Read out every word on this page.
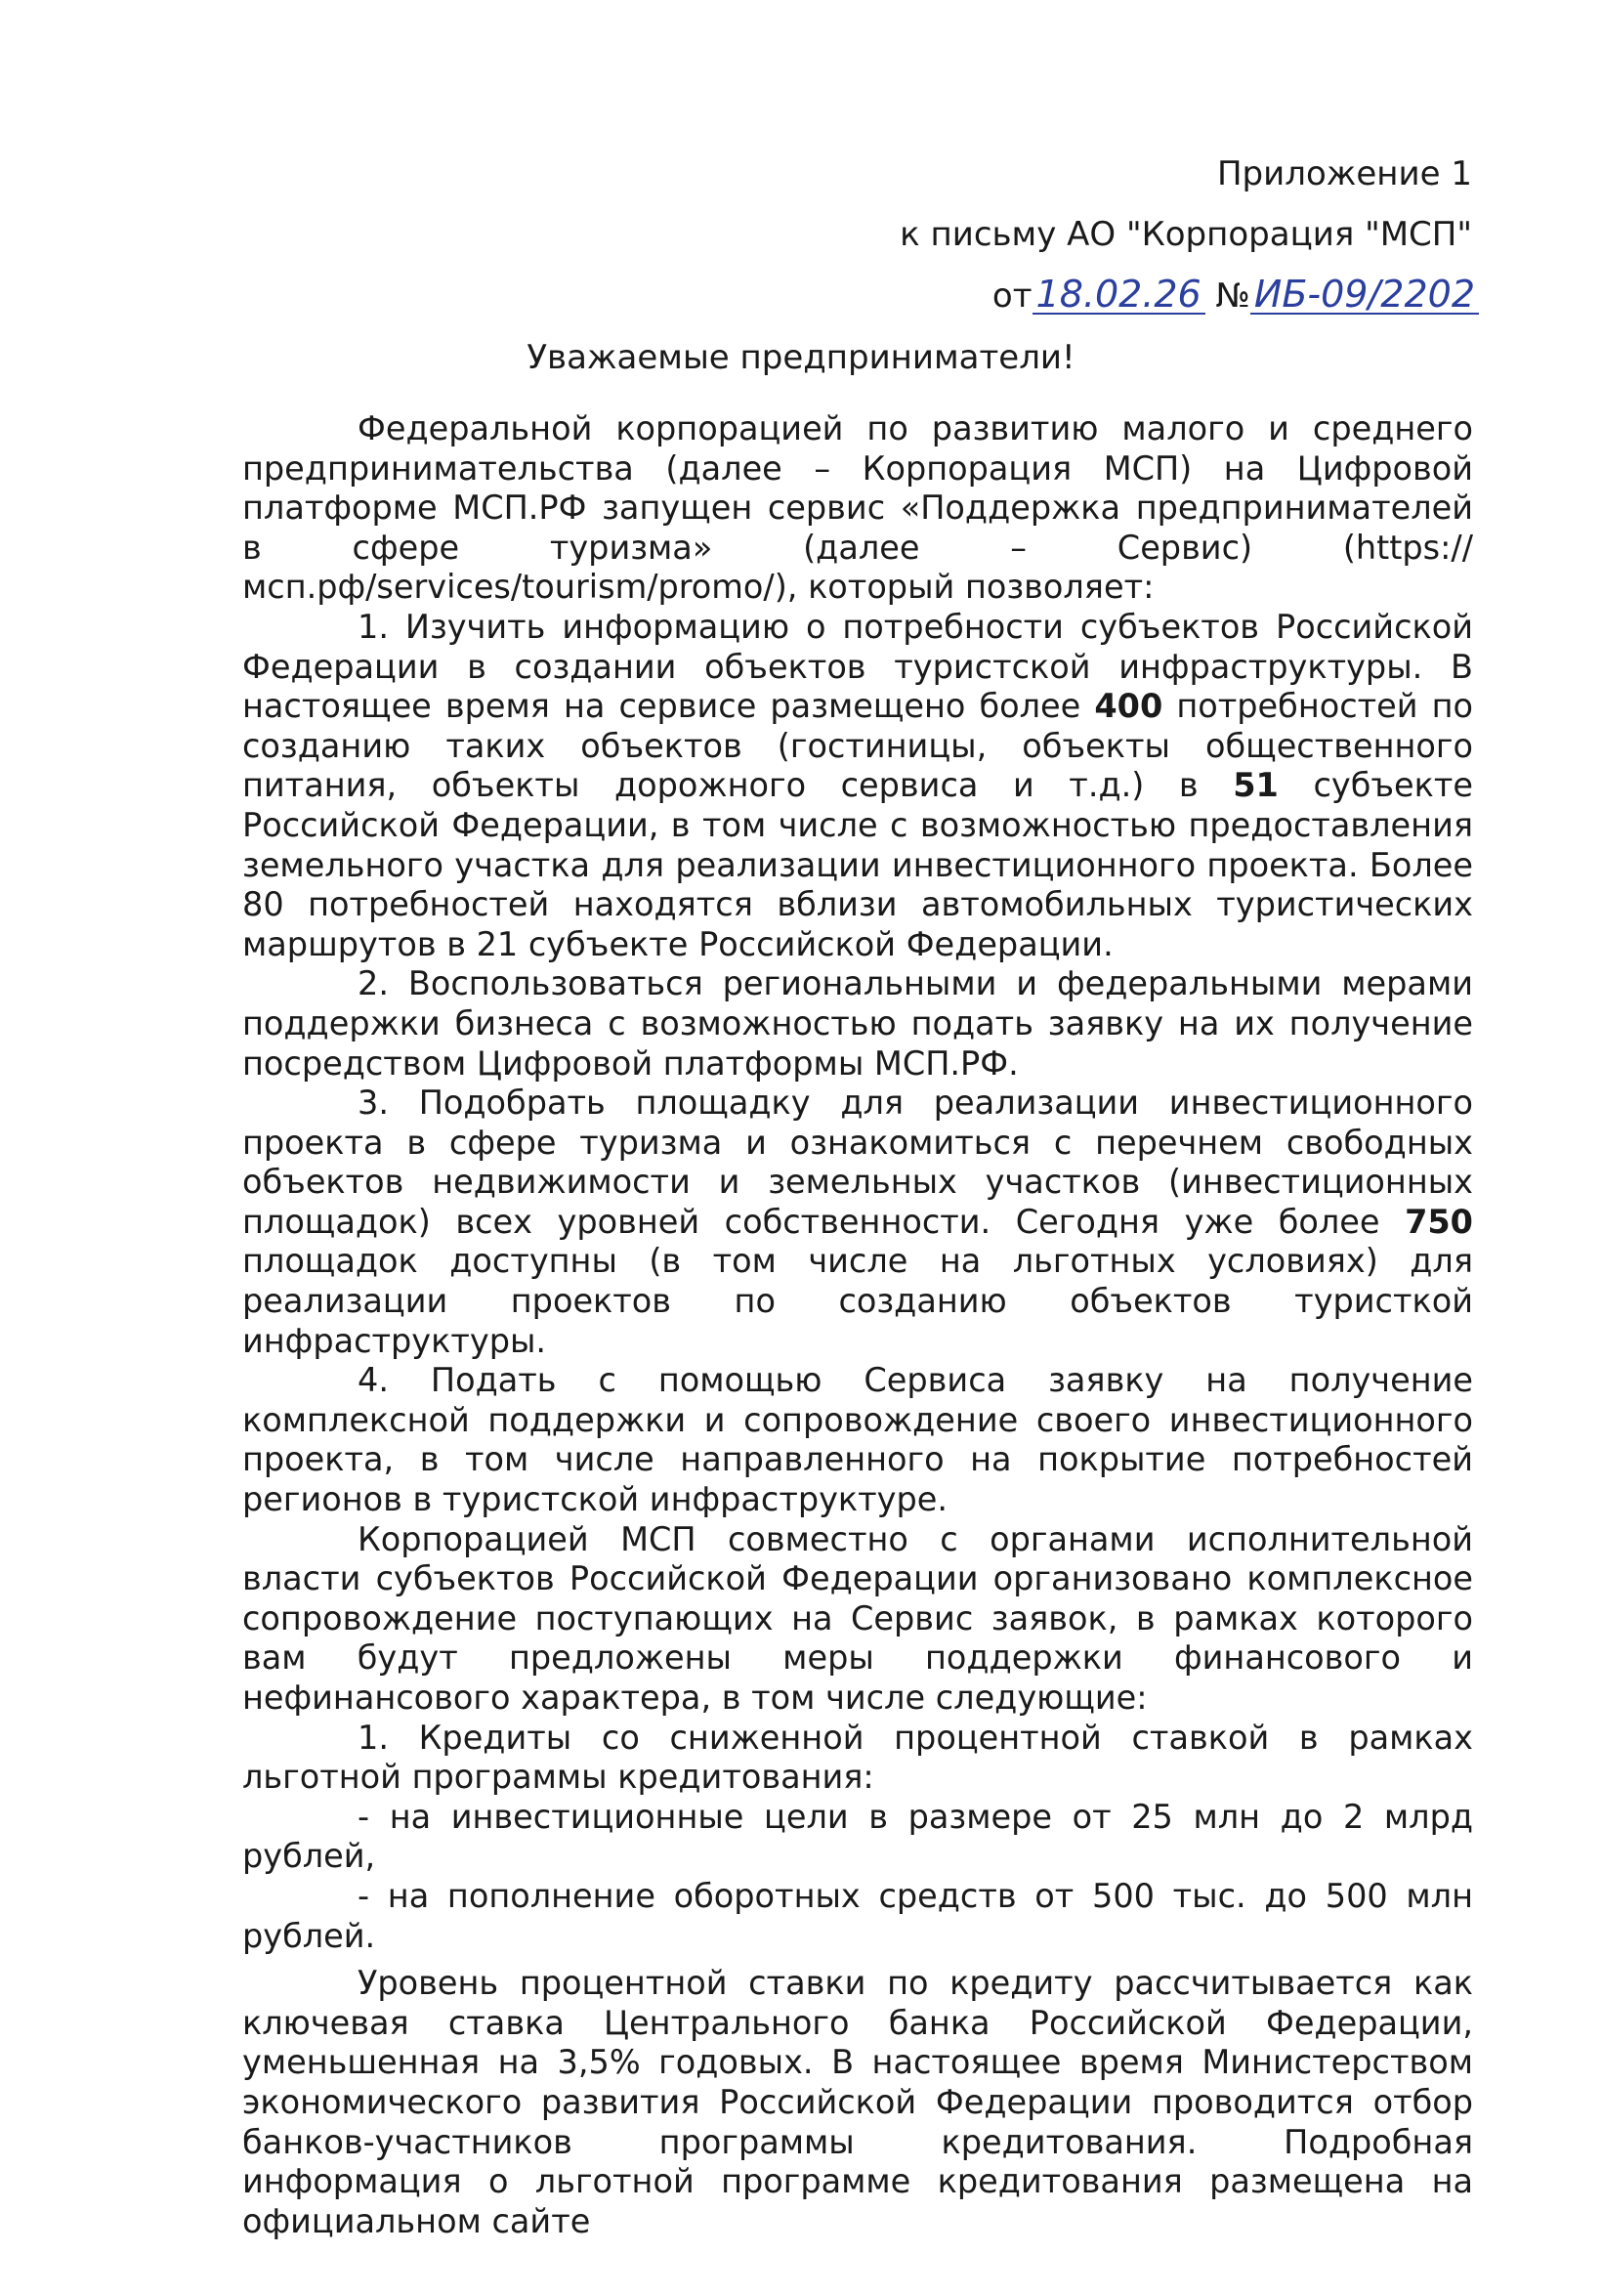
Приложение 1
к письму АО "Корпорация "МСП"
от 18.02.26 № ИБ-09/2202
Уважаемые предприниматели!

Федеральной корпорацией по развитию малого и среднего предпринимательства (далее – Корпорация МСП) на Цифровой платформе МСП.РФ запущен сервис «Поддержка предпринимателей в сфере туризма» (далее – Сервис) (https://мсп.рф/services/tourism/promo/), который позволяет:

1. Изучить информацию о потребности субъектов Российской Федерации в создании объектов туристской инфраструктуры. В настоящее время на сервисе размещено более 400 потребностей по созданию таких объектов (гостиницы, объекты общественного питания, объекты дорожного сервиса и т.д.) в 51 субъекте Российской Федерации, в том числе с возможностью предоставления земельного участка для реализации инвестиционного проекта. Более 80 потребностей находятся вблизи автомобильных туристических маршрутов в 21 субъекте Российской Федерации.

2. Воспользоваться региональными и федеральными мерами поддержки бизнеса с возможностью подать заявку на их получение посредством Цифровой платформы МСП.РФ.

3. Подобрать площадку для реализации инвестиционного проекта в сфере туризма и ознакомиться с перечнем свободных объектов недвижимости и земельных участков (инвестиционных площадок) всех уровней собственности. Сегодня уже более 750 площадок доступны (в том числе на льготных условиях) для реализации проектов по созданию объектов туристкой инфраструктуры.

4. Подать с помощью Сервиса заявку на получение комплексной поддержки и сопровождение своего инвестиционного проекта, в том числе направленного на покрытие потребностей регионов в туристской инфраструктуре.

Корпорацией МСП совместно с органами исполнительной власти субъектов Российской Федерации организовано комплексное сопровождение поступающих на Сервис заявок, в рамках которого вам будут предложены меры поддержки финансового и нефинансового характера, в том числе следующие:

1. Кредиты со сниженной процентной ставкой в рамках льготной программы кредитования:

- на инвестиционные цели в размере от 25 млн до 2 млрд рублей,

- на пополнение оборотных средств от 500 тыс. до 500 млн рублей.

Уровень процентной ставки по кредиту рассчитывается как ключевая ставка Центрального банка Российской Федерации, уменьшенная на 3,5% годовых. В настоящее время Министерством экономического развития Российской Федерации проводится отбор банков-участников программы кредитования. Подробная информация о льготной программе кредитования размещена на официальном сайте
